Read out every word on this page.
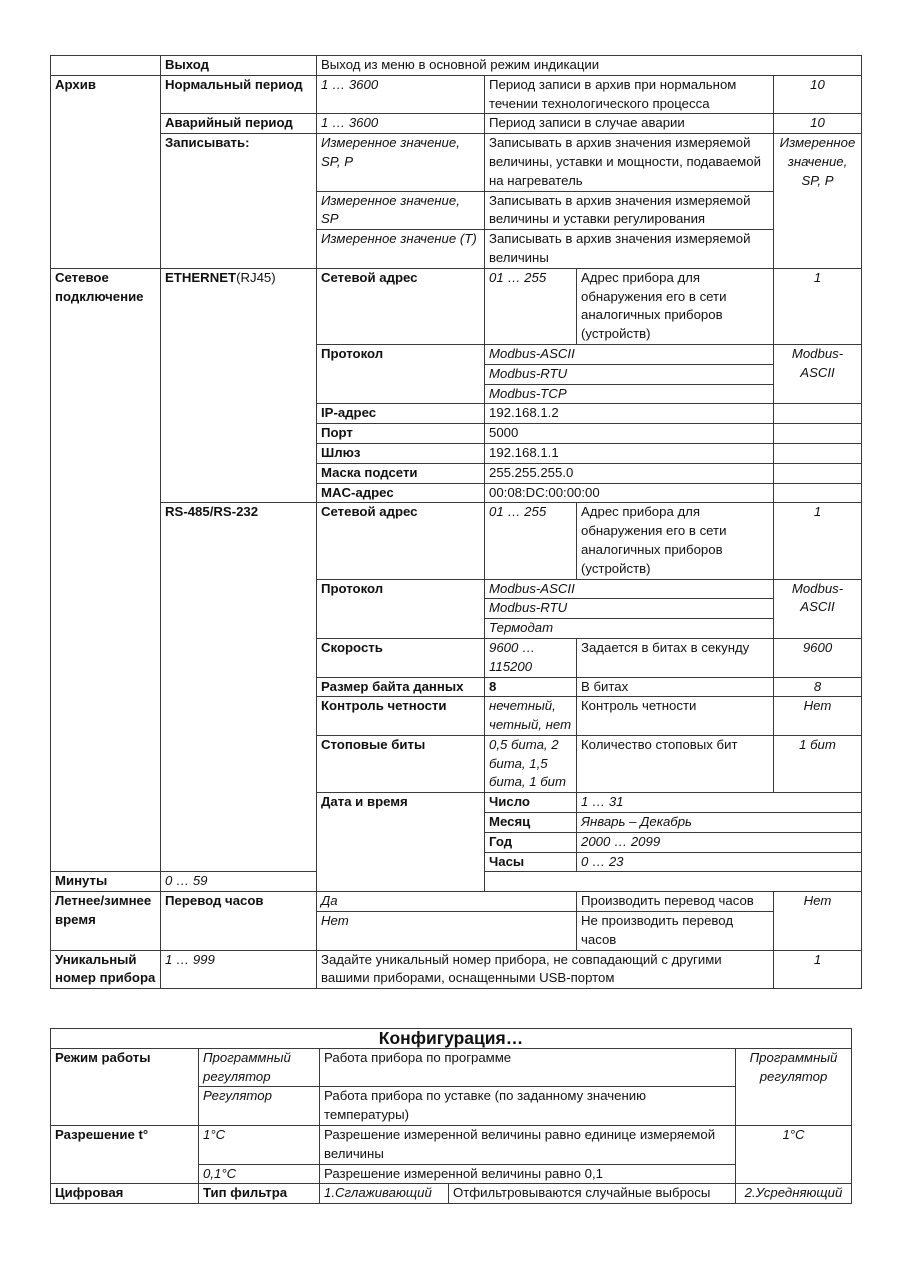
	Выход	Выход из меню в основной режим индикации				
Архив	Нормальный период	1 … 3600	Период записи в архив при нормальном течении технологического процесса		10	
	Аварийный период	1 … 3600	Период записи в случае аварии		10	
	Записывать:	Измеренное значение, SP, P	Записывать в архив значения измеряемой величины, уставки и мощности, подаваемой на нагреватель		Измеренное значение, SP, P	
		Измеренное значение, SP	Записывать в архив значения измеряемой величины и уставки регулирования			
		Измеренное значение (T)	Записывать в архив значения измеряемой величины			
Сетевое подключение	ETHERNET(RJ45)	Сетевой адрес	01 … 255	Адрес прибора для обнаружения его в сети аналогичных приборов (устройств)	1	
		Протокол	Modbus-ASCII		Modbus-ASCII	
			Modbus-RTU			
			Modbus-TCP			
		IP-адрес	192.168.1.2			
		Порт	5000			
		Шлюз	192.168.1.1			
		Маска подсети	255.255.255.0			
		MAC-адрес	00:08:DC:00:00:00			
	RS-485/RS-232	Сетевой адрес	01 … 255	Адрес прибора для обнаружения его в сети аналогичных приборов (устройств)	1	
		Протокол	Modbus-ASCII		Modbus-ASCII	
			Modbus-RTU			
			Термодат			
		Скорость	9600 … 115200	Задается в битах в секунду	9600	
		Размер байта данных	8	В битах	8	
		Контроль четности	нечетный, четный, нет	Контроль четности	Нет	
		Стоповые биты	0,5 бита, 2 бита, 1,5 бита, 1 бит	Количество стоповых бит	1 бит	
		Дата и время	Число	1 … 31		
			Месяц	Январь – Декабрь		
			Год	2000 … 2099		
			Часы	0 … 23		
Минуты	0 … 59					
Летнее/зимнее время	Перевод часов	Да		Производить перевод часов	Нет	
		Нет		Не производить перевод часов		
Уникальный номер прибора	1 … 999	Задайте уникальный номер прибора, не совпадающий с другими вашими приборами, оснащенными USB-портом			1	
Конфигурация…				
Режим работы	Программный регулятор	Работа прибора по программе		Программный регулятор
	Регулятор	Работа прибора по уставке (по заданному значению температуры)		
Разрешение t°	1°C	Разрешение измеренной величины равно единице измеряемой величины		1°C
	0,1°C	Разрешение измеренной величины равно 0,1		
Цифровая	Тип фильтра	1.Сглаживающий	Отфильтровываются случайные выбросы	2.Усредняющий
